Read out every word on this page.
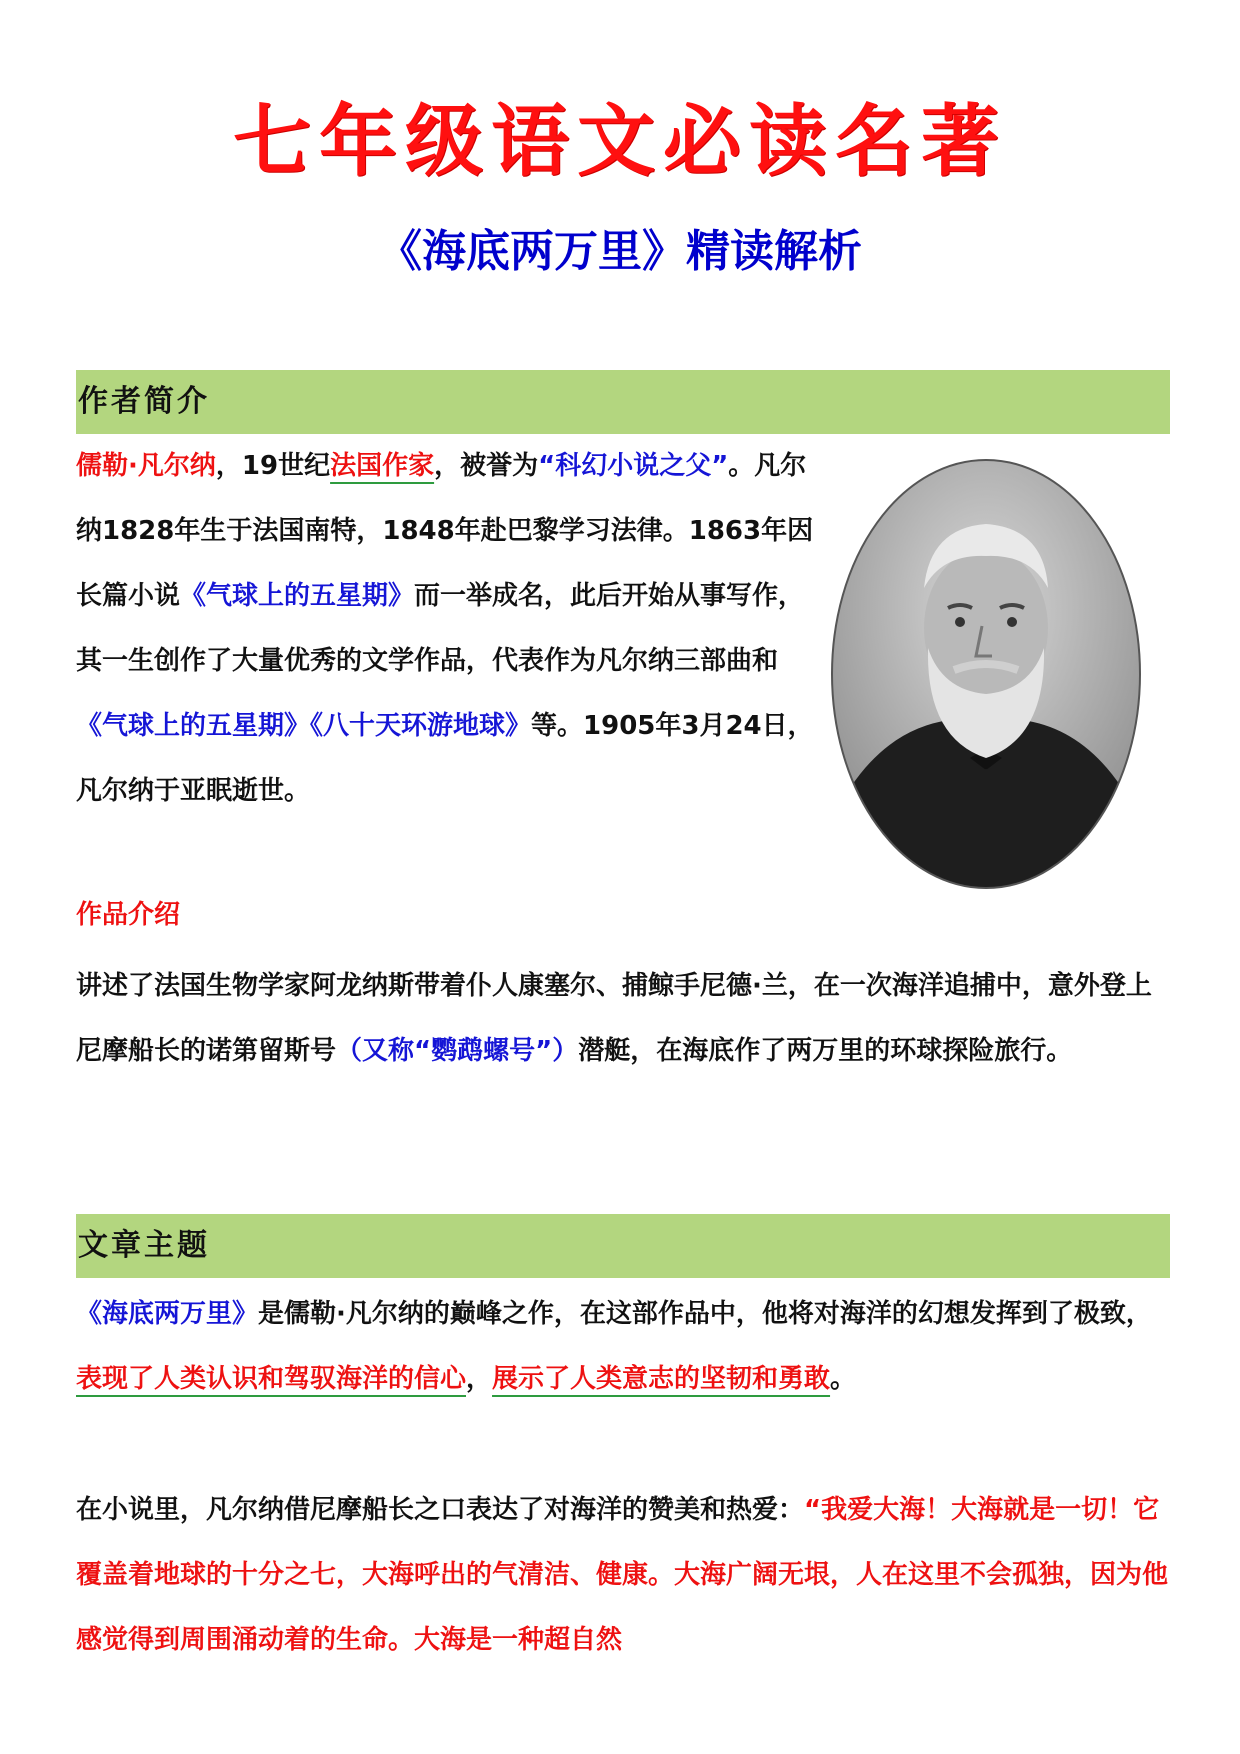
七年级语文必读名著
《海底两万里》精读解析
作者简介

儒勒·凡尔纳，19世纪法国作家，被誉为“科幻小说之父”。凡尔纳1828年生于法国南特，1848年赴巴黎学习法律。1863年因长篇小说《气球上的五星期》而一举成名，此后开始从事写作，其一生创作了大量优秀的文学作品，代表作为凡尔纳三部曲和《气球上的五星期》《八十天环游地球》等。1905年3月24日，凡尔纳于亚眠逝世。

作品介绍

讲述了法国生物学家阿龙纳斯带着仆人康塞尔、捕鲸手尼德·兰，在一次海洋追捕中，意外登上尼摩船长的诺第留斯号（又称“鹦鹉螺号”）潜艇，在海底作了两万里的环球探险旅行。

文章主题

《海底两万里》是儒勒·凡尔纳的巅峰之作，在这部作品中，他将对海洋的幻想发挥到了极致，表现了人类认识和驾驭海洋的信心，展示了人类意志的坚韧和勇敢。

在小说里，凡尔纳借尼摩船长之口表达了对海洋的赞美和热爱：“我爱大海！大海就是一切！它覆盖着地球的十分之七，大海呼出的气清洁、健康。大海广阔无垠，人在这里不会孤独，因为他感觉得到周围涌动着的生命。大海是一种超自然
